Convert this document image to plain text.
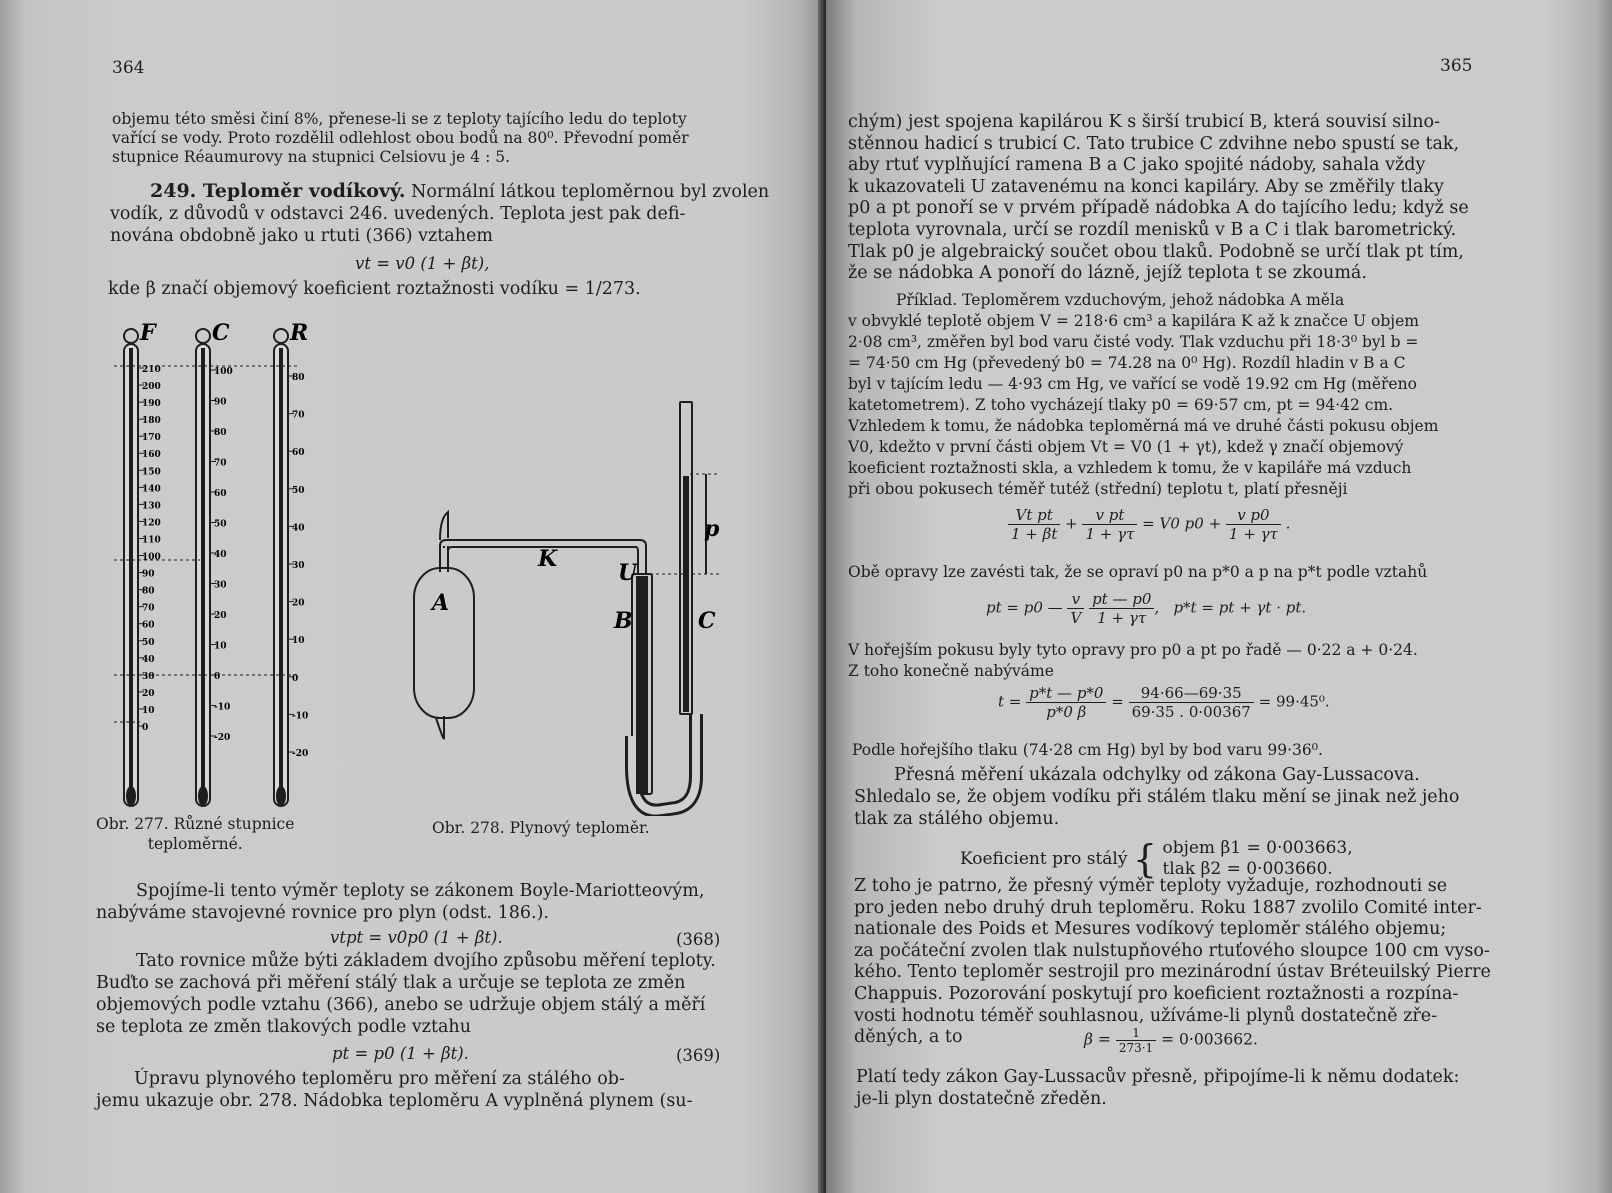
364
objemu této směsi činí 8%, přenese-li se z teploty tajícího ledu do teploty
vařící se vody. Proto rozdělil odlehlost obou bodů na 80⁰. Převodní poměr
stupnice Réaumurovy na stupnici Celsiovu je 4 : 5.
249. Teploměr vodíkový. Normální látkou teploměrnou byl zvolen
vodík, z důvodů v odstavci 246. uvedených. Teplota jest pak defi-
nována obdobně jako u rtuti (366) vztahem
vt = v0 (1 + βt),
kde β značí objemový koeficient roztažnosti vodíku = 1/273.
F
210
200
190
180
170
160
150
140
130
120
110
100
90
80
70
60
50
40
30
20
10
0
C
100
90
80
70
60
50
40
30
20
10
0
-10
-20
R
80
70
60
50
40
30
20
10
0
-10
-20
Obr. 277. Různé stupnice
teploměrné.
A
K
U
B	C
p
Obr. 278. Plynový teploměr.
Spojíme-li tento výměr teploty se zákonem Boyle-Mariotteovým,
nabýváme stavojevné rovnice pro plyn (odst. 186.).
vtpt = v0p0 (1 + βt).	(368)
Tato rovnice může býti základem dvojího způsobu měření teploty.
Buďto se zachová při měření stálý tlak a určuje se teplota ze změn
objemových podle vztahu (366), anebo se udržuje objem stálý a měří
se teplota ze změn tlakových podle vztahu
pt = p0 (1 + βt).	(369)
Úpravu plynového teploměru pro měření za stálého ob-
jemu ukazuje obr. 278. Nádobka teploměru A vyplněná plynem (su-
365
chým) jest spojena kapilárou K s širší trubicí B, která souvisí silno-
stěnnou hadicí s trubicí C. Tato trubice C zdvihne nebo spustí se tak,
aby rtuť vyplňující ramena B a C jako spojité nádoby, sahala vždy
k ukazovateli U zatavenému na konci kapiláry. Aby se změřily tlaky
p0 a pt ponoří se v prvém případě nádobka A do tajícího ledu; když se
teplota vyrovnala, určí se rozdíl menisků v B a C i tlak barometrický.
Tlak p0 je algebraický součet obou tlaků. Podobně se určí tlak pt tím,
že se nádobka A ponoří do lázně, jejíž teplota t se zkoumá.
Příklad. Teploměrem vzduchovým, jehož nádobka A měla
v obvyklé teplotě objem V = 218·6 cm³ a kapilára K až k značce U objem
2·08 cm³, změřen byl bod varu čisté vody. Tlak vzduchu při 18·3⁰ byl b =
= 74·50 cm Hg (převedený b0 = 74.28 na 0⁰ Hg). Rozdíl hladin v B a C
byl v tajícím ledu — 4·93 cm Hg, ve vařící se vodě 19.92 cm Hg (měřeno
katetometrem). Z toho vycházejí tlaky p0 = 69·57 cm, pt = 94·42 cm.
Vzhledem k tomu, že nádobka teploměrná má ve druhé části pokusu objem
V0, kdežto v první části objem Vt = V0 (1 + γt), kdež γ značí objemový
koeficient roztažnosti skla, a vzhledem k tomu, že v kapiláře má vzduch
při obou pokusech téměř tutéž (střední) teplotu t, platí přesněji
$\frac{\text{Vt pt}}{1 + \beta t} + \frac{\text{v pt}}{1 + \gamma\tau} = V0$ $p0 + \frac{\text{v p0}}{1 + \gamma\tau}$ .
Obě opravy lze zavésti tak, že se opraví p0 na p*0 a p na p*t podle vztahů
pt = p0 — $\frac{v}{V}$
$\frac{pt — p0}{1 + \gamma\tau}$ ,   p*t = pt + γt · pt.
V hořejším pokusu byly tyto opravy pro p0 a pt po řadě — 0·22 a + 0·24.
Z toho konečně nabýváme
$t = \frac{p*t — p*0}{p*0 \beta} = \frac{94\cdot 66—69\cdot 35}{69\cdot 35 . 0\cdot 00367} = 99\cdot 45^0$.
Podle hořejšího tlaku (74·28 cm Hg) byl by bod varu 99·36⁰.
Přesná měření ukázala odchylky od zákona Gay-Lussacova.
Shledalo se, že objem vodíku při stálém tlaku mění se jinak než jeho
tlak za stálého objemu.
Koeficient pro stálý { objem β1 = 0·003663,
tlak β2 = 0·003660.
Z toho je patrno, že přesný výměr teploty vyžaduje, rozhodnouti se
pro jeden nebo druhý druh teploměru. Roku 1887 zvolilo Comité inter-
nationale des Poids et Mesures vodíkový teploměr stálého objemu;
za počáteční zvolen tlak nulstupňového rtuťového sloupce 100 cm vyso-
kého. Tento teploměr sestrojil pro mezinárodní ústav Bréteuilský Pierre
Chappuis. Pozorování poskytují pro koeficient roztažnosti a rozpína-
vosti hodnotu téměř souhlasnou, užíváme-li plynů dostatečně zře-
děných, a to	$\beta = \frac{1}{273\cdot 1} = 0\cdot 003662$.
Platí tedy zákon Gay-Lussacův přesně, připojíme-li k němu dodatek:
je-li plyn dostatečně zředěn.
